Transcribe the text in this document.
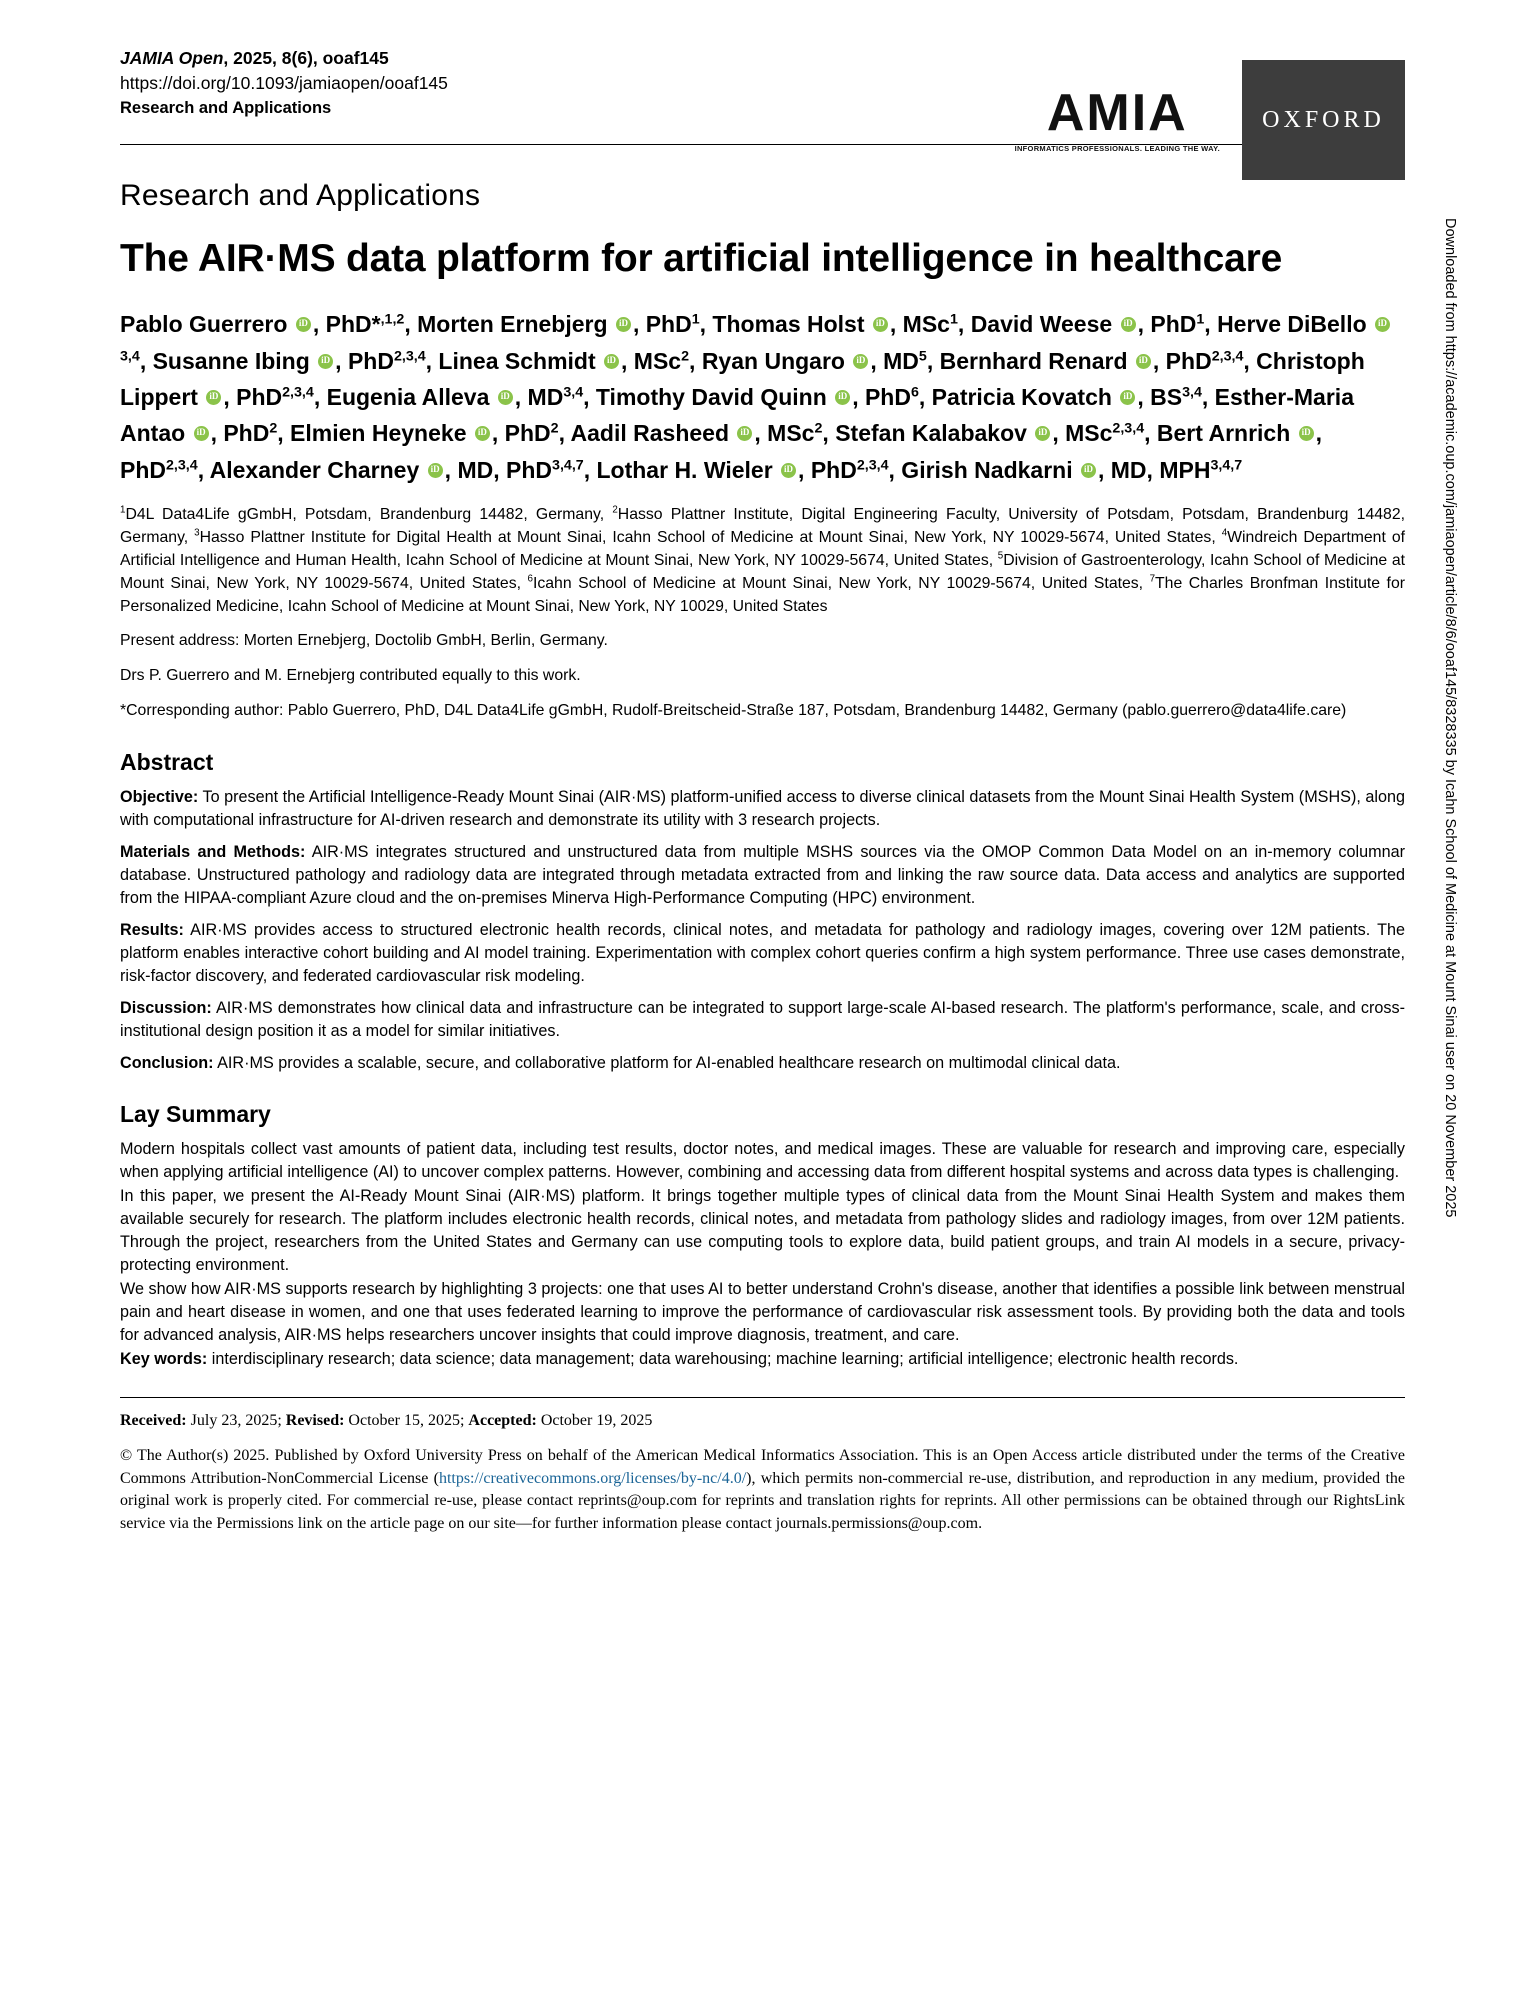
Downloaded from https://academic.oup.com/jamiaopen/article/8/6/ooaf145/8328335 by Icahn School of Medicine at Mount Sinai user on 20 November 2025
JAMIA Open, 2025, 8(6), ooaf145
https://doi.org/10.1093/jamiaopen/ooaf145
Research and Applications	AMIA
INFORMATICS PROFESSIONALS. LEADING THE WAY.
OXFORD
Research and Applications
The AIR·MS data platform for artificial intelligence in healthcare
Pablo Guerrero iD, PhD*$^{,1,2}$, Morten Ernebjerg iD, PhD$^1$, Thomas Holst iD, MSc$^1$, David Weese iD, PhD$^1$, Herve DiBello iD$^{3,4}$, Susanne Ibing iD, PhD$^{2,3,4}$, Linea Schmidt iD, MSc$^2$, Ryan Ungaro iD, $MD^5$, Bernhard Renard iD, PhD$^{2,3,4}$, Christoph Lippert iD, PhD$^{2,3,4}$, Eugenia Alleva iD, MD$^{3,4}$, Timothy David Quinn iD, PhD$^6$, Patricia Kovatch iD, BS$^{3,4}$, Esther-Maria Antao iD, PhD$^2$, Elmien Heyneke iD, PhD$^2$, Aadil Rasheed iD, MSc$^2$, Stefan Kalabakov iD, MSc$^{2,3,4}$, Bert Arnrich iD, PhD$^{2,3,4}$, Alexander Charney iD, MD, PhD$^{3,4,7}$, Lothar H. Wieler iD, PhD$^{2,3,4}$, Girish Nadkarni iD, MD, MPH$^{3,4,7}$
$^1$D4L Data4Life gGmbH, Potsdam, Brandenburg 14482, Germany, $^2$Hasso Plattner Institute, Digital Engineering Faculty, University of Potsdam, Potsdam, Brandenburg 14482, Germany, $^3$Hasso Plattner Institute for Digital Health at Mount Sinai, Icahn School of Medicine at Mount Sinai, New York, NY 10029-5674, United States, $^4$Windreich Department of Artificial Intelligence and Human Health, Icahn School of Medicine at Mount Sinai, New York, NY 10029-5674, United States, $^5$Division of Gastroenterology, Icahn School of Medicine at Mount Sinai, New York, NY 10029-5674, United States, $^6$Icahn School of Medicine at Mount Sinai, New York, NY 10029-5674, United States, $^7$The Charles Bronfman Institute for Personalized Medicine, Icahn School of Medicine at Mount Sinai, New York, NY 10029, United States
Present address: Morten Ernebjerg, Doctolib GmbH, Berlin, Germany.
Drs P. Guerrero and M. Ernebjerg contributed equally to this work.
*Corresponding author: Pablo Guerrero, PhD, D4L Data4Life gGmbH, Rudolf-Breitscheid-Straße 187, Potsdam, Brandenburg 14482, Germany (pablo.guerrero@data4life.care)
Abstract

Objective: To present the Artificial Intelligence-Ready Mount Sinai (AIR·MS) platform-unified access to diverse clinical datasets from the Mount Sinai Health System (MSHS), along with computational infrastructure for AI-driven research and demonstrate its utility with 3 research projects.

Materials and Methods: AIR·MS integrates structured and unstructured data from multiple MSHS sources via the OMOP Common Data Model on an in-memory columnar database. Unstructured pathology and radiology data are integrated through metadata extracted from and linking the raw source data. Data access and analytics are supported from the HIPAA-compliant Azure cloud and the on-premises Minerva High-Performance Computing (HPC) environment.

Results: AIR·MS provides access to structured electronic health records, clinical notes, and metadata for pathology and radiology images, covering over 12M patients. The platform enables interactive cohort building and AI model training. Experimentation with complex cohort queries confirm a high system performance. Three use cases demonstrate, risk-factor discovery, and federated cardiovascular risk modeling.

Discussion: AIR·MS demonstrates how clinical data and infrastructure can be integrated to support large-scale AI-based research. The platform's performance, scale, and cross-institutional design position it as a model for similar initiatives.

Conclusion: AIR·MS provides a scalable, secure, and collaborative platform for AI-enabled healthcare research on multimodal clinical data.

Lay Summary

Modern hospitals collect vast amounts of patient data, including test results, doctor notes, and medical images. These are valuable for research and improving care, especially when applying artificial intelligence (AI) to uncover complex patterns. However, combining and accessing data from different hospital systems and across data types is challenging.

In this paper, we present the AI-Ready Mount Sinai (AIR·MS) platform. It brings together multiple types of clinical data from the Mount Sinai Health System and makes them available securely for research. The platform includes electronic health records, clinical notes, and metadata from pathology slides and radiology images, from over 12M patients. Through the project, researchers from the United States and Germany can use computing tools to explore data, build patient groups, and train AI models in a secure, privacy-protecting environment.

We show how AIR·MS supports research by highlighting 3 projects: one that uses AI to better understand Crohn's disease, another that identifies a possible link between menstrual pain and heart disease in women, and one that uses federated learning to improve the performance of cardiovascular risk assessment tools. By providing both the data and tools for advanced analysis, AIR·MS helps researchers uncover insights that could improve diagnosis, treatment, and care.

Key words: interdisciplinary research; data science; data management; data warehousing; machine learning; artificial intelligence; electronic health records.

Received: July 23, 2025; Revised: October 15, 2025; Accepted: October 19, 2025
© The Author(s) 2025. Published by Oxford University Press on behalf of the American Medical Informatics Association. This is an Open Access article distributed under the terms of the Creative Commons Attribution-NonCommercial License (https://creativecommons.org/licenses/by-nc/4.0/), which permits non-commercial re-use, distribution, and reproduction in any medium, provided the original work is properly cited. For commercial re-use, please contact reprints@oup.com for reprints and translation rights for reprints. All other permissions can be obtained through our RightsLink service via the Permissions link on the article page on our site—for further information please contact journals.permissions@oup.com.
